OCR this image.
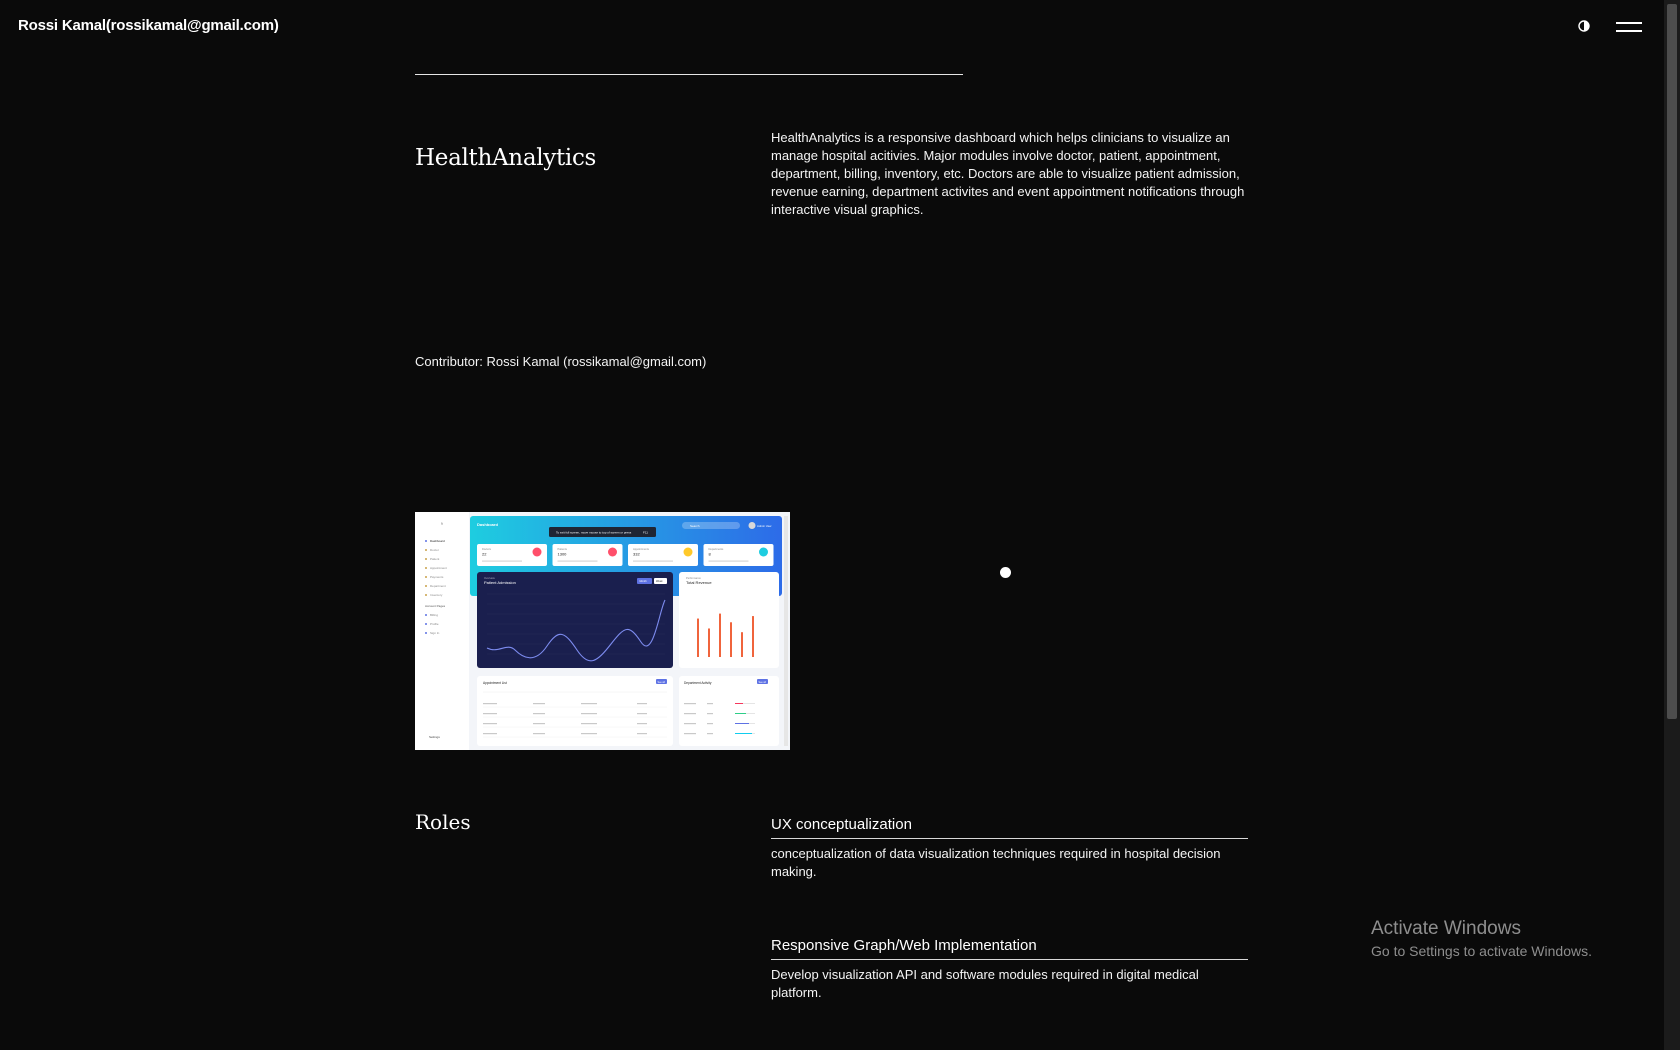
Rossi Kamal(rossikamal@gmail.com)
HealthAnalytics

HealthAnalytics is a responsive dashboard which helps clinicians to visualize an manage hospital acitivies. Major modules involve doctor, patient, appointment, department, billing, inventory, etc. Doctors are able to visualize patient admission, revenue earning, department activites and event appointment notifications through interactive visual graphics.

Contributor: Rossi Kamal (rossikamal@gmail.com)

⚕
Dashboard
Doctor
Patient
Appointment
Payments
Department
Inventory
Account Pages
Billing
Profile
Sign In
Settings
Dashboard
To exit full screen, move mouse to top of screen or press	F11
Search	Admin User
Doctors
22
Patients
1300
Appointments
332
Departments
8
Overview
Patient Admission	Month	Week
Performance
Total Revenue
Appointment List	See all	Department Activity	See all
Roles	UX conceptualization

conceptualization of data visualization techniques required in hospital decision making.

Responsive Graph/Web Implementation

Develop visualization API and software modules required in digital medical platform.

Activate Windows
Go to Settings to activate Windows.
